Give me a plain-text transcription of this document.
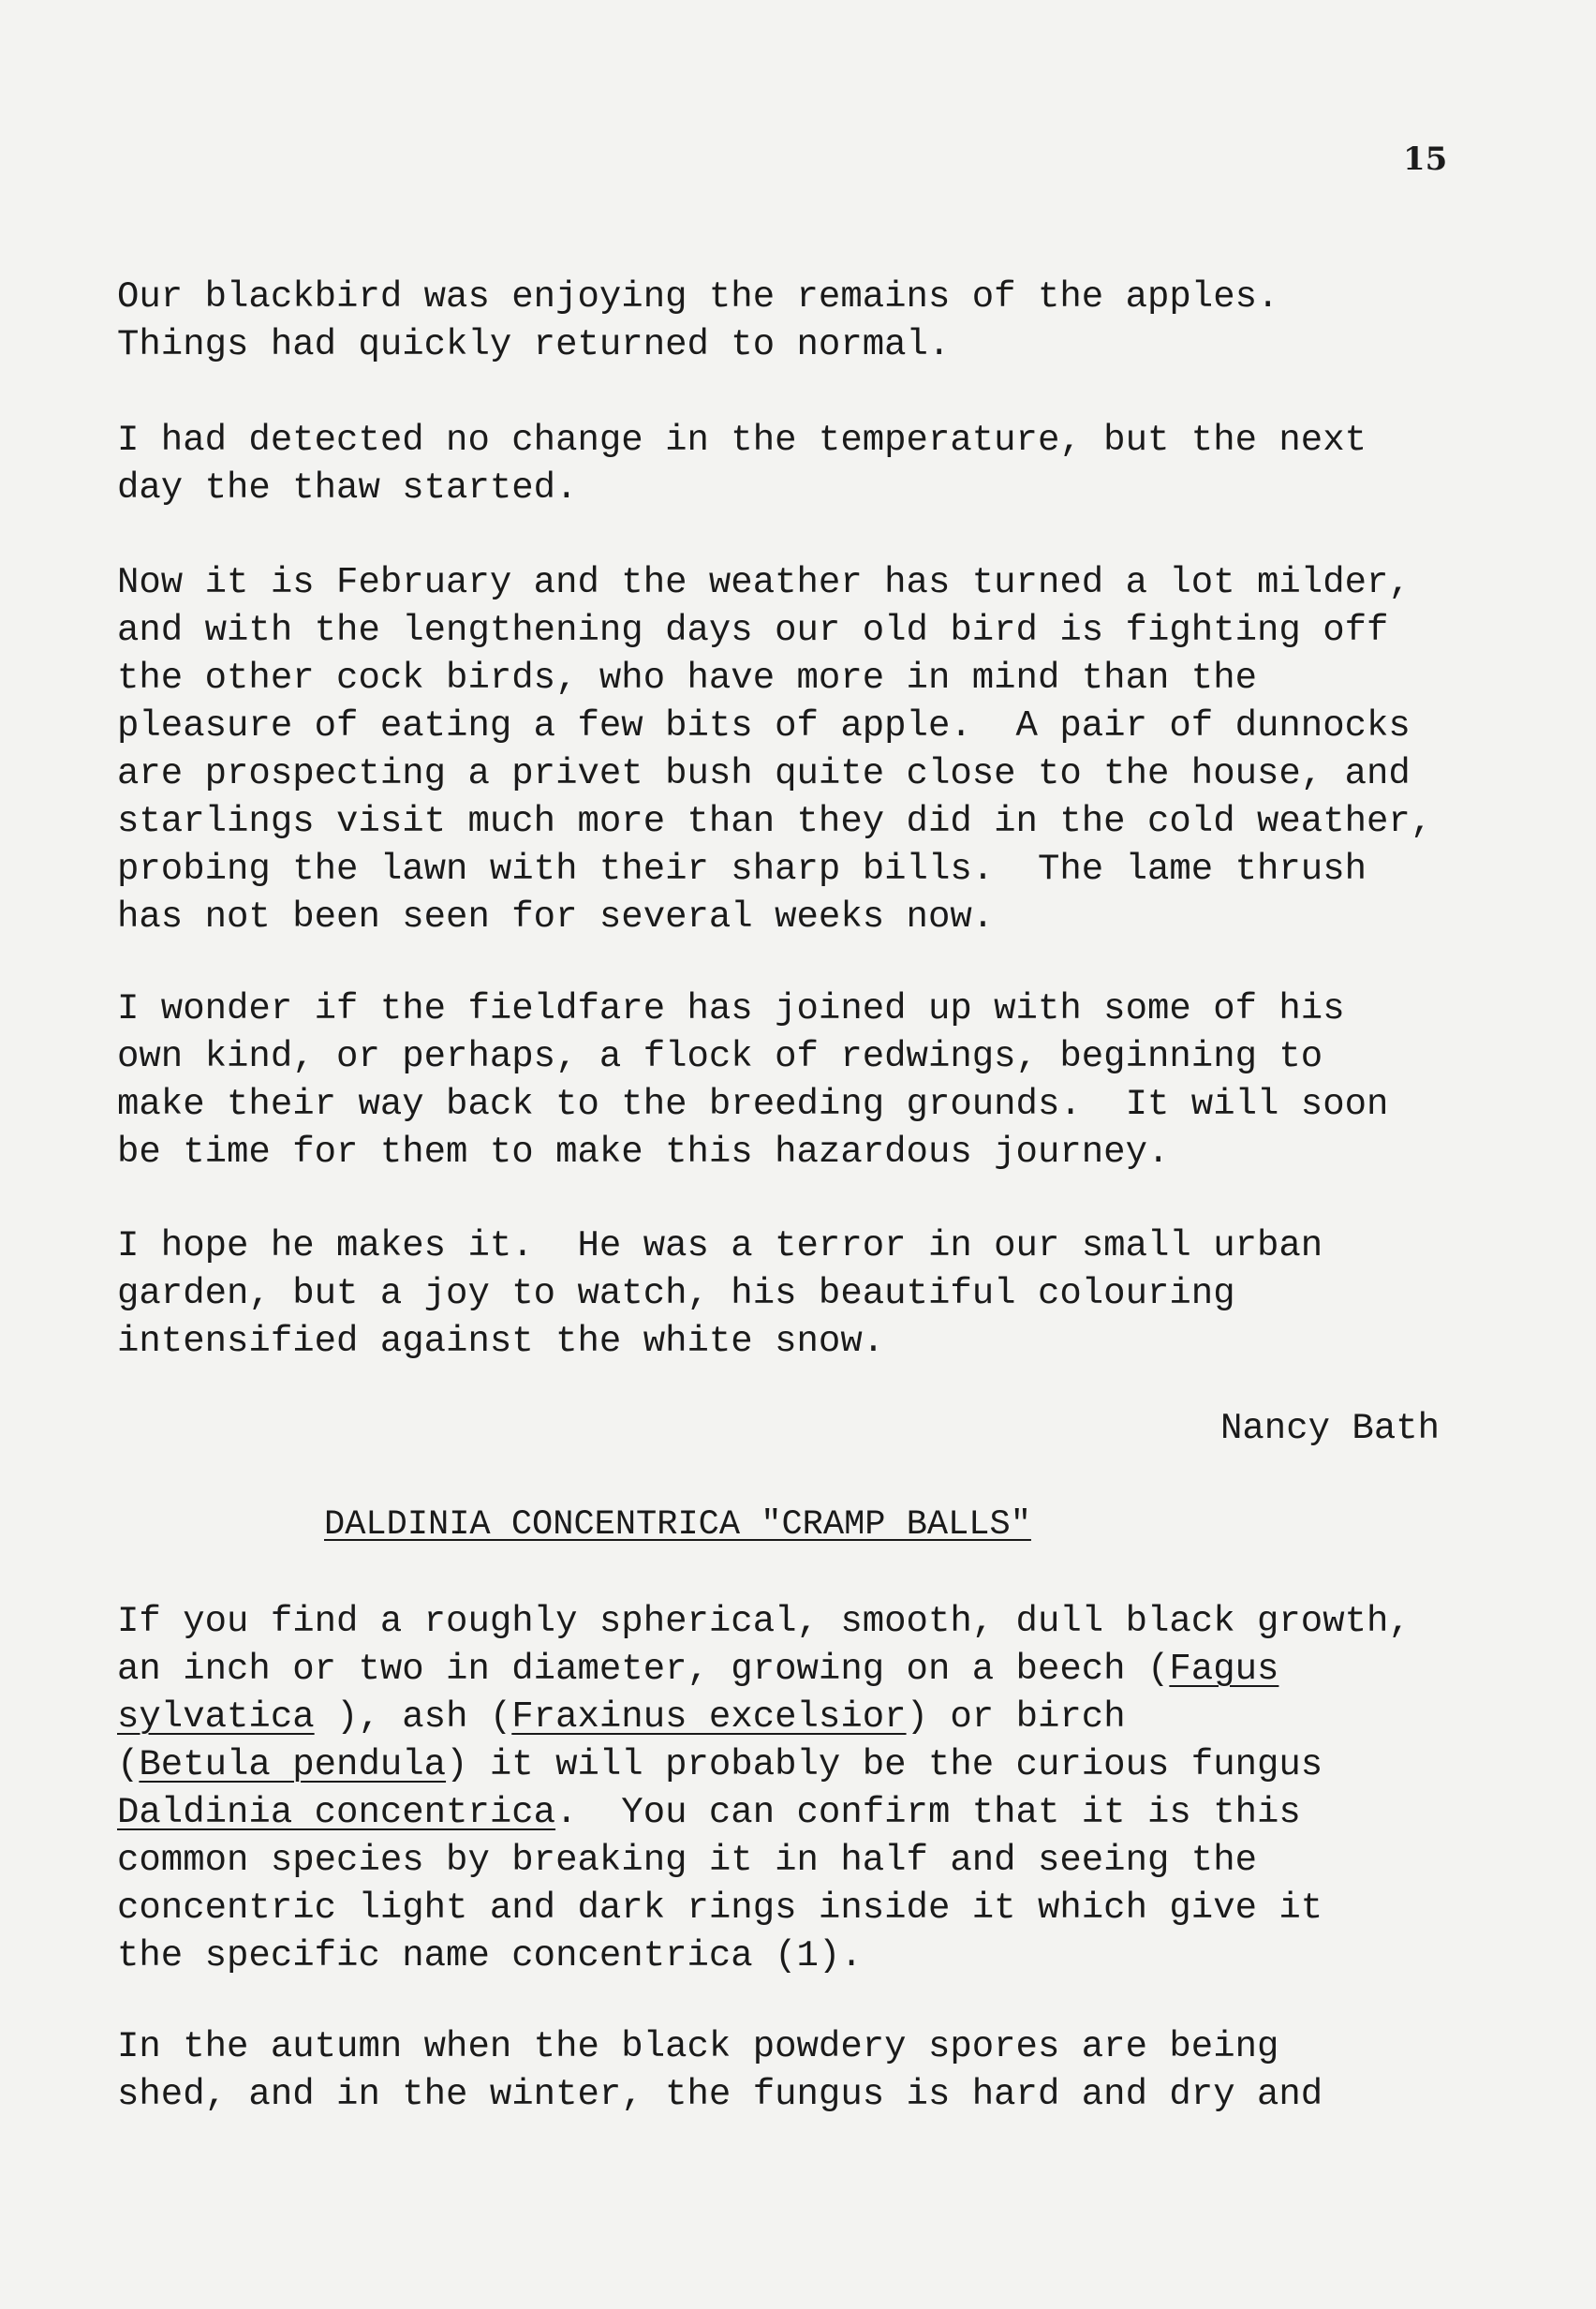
15

Our blackbird was enjoying the remains of the apples.
Things had quickly returned to normal.

I had detected no change in the temperature, but the next
day the thaw started.

Now it is February and the weather has turned a lot milder,
and with the lengthening days our old bird is fighting off
the other cock birds, who have more in mind than the
pleasure of eating a few bits of apple.  A pair of dunnocks
are prospecting a privet bush quite close to the house, and
starlings visit much more than they did in the cold weather,
probing the lawn with their sharp bills.  The lame thrush
has not been seen for several weeks now.

I wonder if the fieldfare has joined up with some of his
own kind, or perhaps, a flock of redwings, beginning to
make their way back to the breeding grounds.  It will soon
be time for them to make this hazardous journey.

I hope he makes it.  He was a terror in our small urban
garden, but a joy to watch, his beautiful colouring
intensified against the white snow.

Nancy Bath
DALDINIA CONCENTRICA "CRAMP BALLS"

If you find a roughly spherical, smooth, dull black growth,
an inch or two in diameter, growing on a beech (Fagus
sylvatica ), ash (Fraxinus excelsior) or birch
(Betula pendula) it will probably be the curious fungus
Daldinia concentrica.  You can confirm that it is this
common species by breaking it in half and seeing the
concentric light and dark rings inside it which give it
the specific name concentrica (1).

In the autumn when the black powdery spores are being
shed, and in the winter, the fungus is hard and dry and
